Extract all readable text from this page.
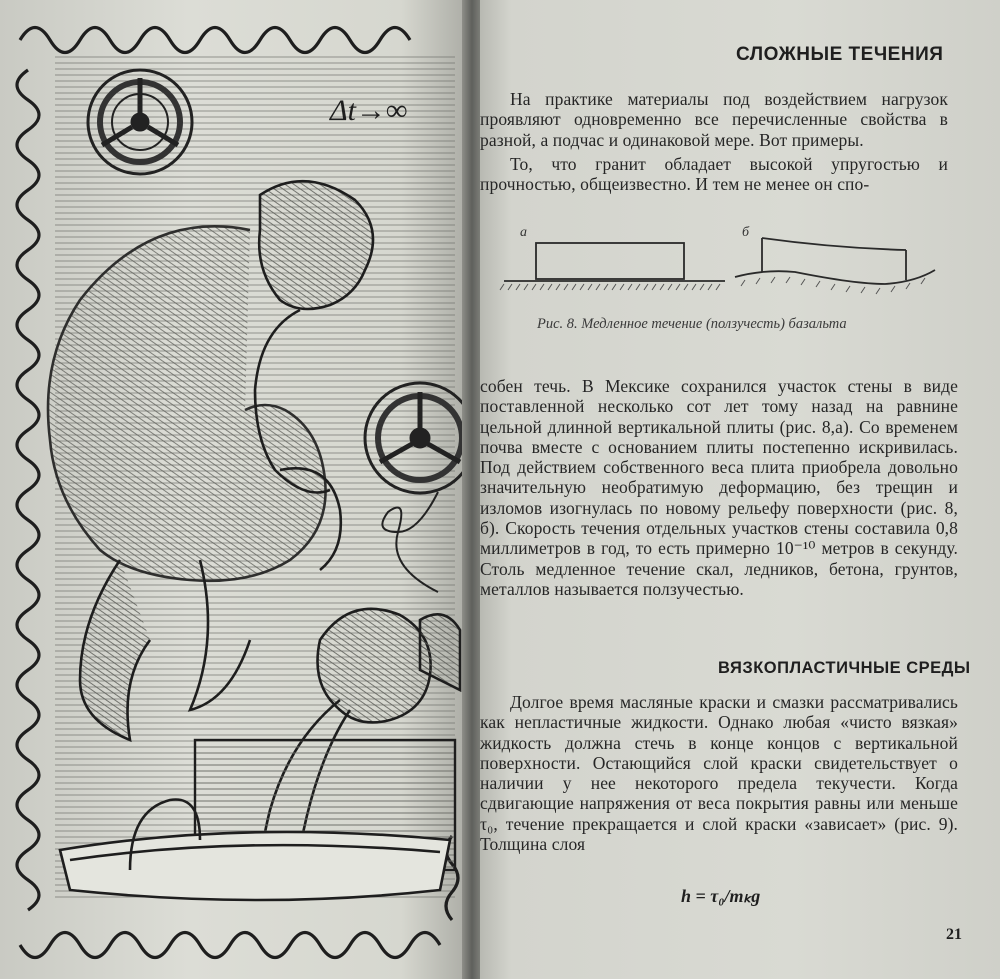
Δt→∞
СЛОЖНЫЕ ТЕЧЕНИЯ

На практике материалы под воздействием нагрузок проявляют одновременно все перечисленные свойства в разной, а подчас и одинаковой мере. Вот примеры.

То, что гранит обладает высокой упругостью и прочностью, общеизвестно. И тем не менее он спо-

а	б
Рис. 8. Медленное течение (ползучесть) базальта

собен течь. В Мексике сохранился участок стены в виде поставленной несколько сот лет тому назад на равнине цельной длинной вертикальной плиты (рис. 8,а). Со временем почва вместе с основанием плиты постепенно искривилась. Под действием собственного веса плита приобрела довольно значительную необратимую деформацию, без трещин и изломов изогнулась по новому рельефу поверхности (рис. 8, б). Скорость течения отдельных участков стены составила 0,8 миллиметров в год, то есть примерно 10⁻¹⁰ метров в секунду. Столь медленное течение скал, ледников, бетона, грунтов, металлов называется ползучестью.

ВЯЗКОПЛАСТИЧНЫЕ СРЕДЫ

Долгое время масляные краски и смазки рассматривались как непластичные жидкости. Однако любая «чисто вязкая» жидкость должна стечь в конце концов с вертикальной поверхности. Остающийся слой краски свидетельствует о наличии у нее некоторого предела текучести. Когда сдвигающие напряжения от веса покрытия равны или меньше τ₀, течение прекращается и слой краски «зависает» (рис. 9). Толщина слоя

h = τ₀/mₖg
21
